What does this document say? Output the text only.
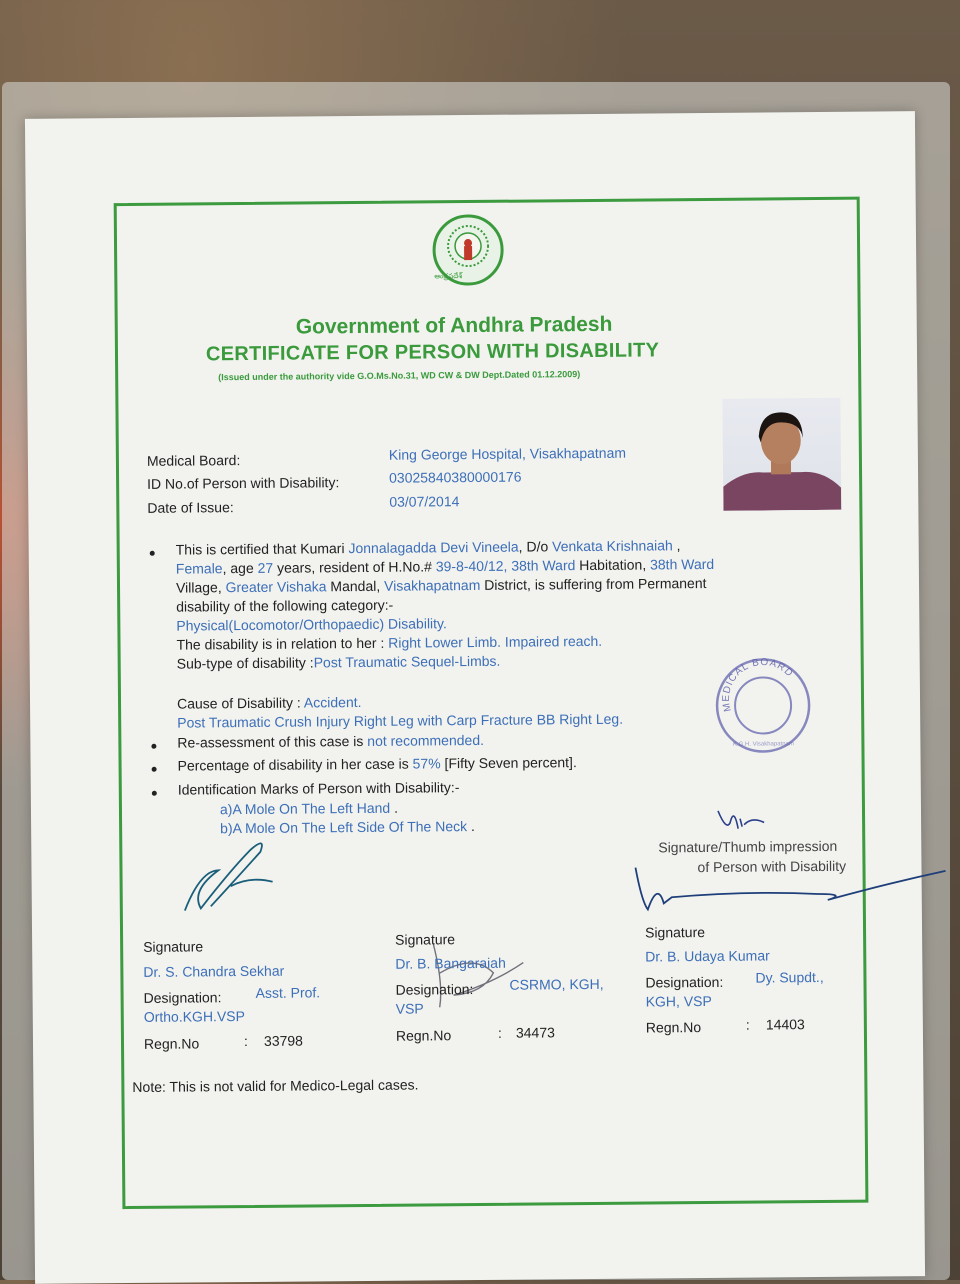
ఆంధ్రప్రదేశ్
Government of Andhra Pradesh
CERTIFICATE FOR PERSON WITH DISABILITY
(Issued under the authority vide G.O.Ms.No.31, WD CW & DW Dept.Dated 01.12.2009)
Medical Board:	King George Hospital, Visakhapatnam
ID No.of Person with Disability:	03025840380000176
Date of Issue:	03/07/2014
This is certified that Kumari Jonnalagadda Devi Vineela, D/o Venkata Krishnaiah ,
Female, age 27 years, resident of H.No.# 39-8-40/12, 38th Ward Habitation, 38th Ward
Village, Greater Vishaka Mandal, Visakhapatnam District, is suffering from Permanent
disability of the following category:-
Physical(Locomotor/Orthopaedic) Disability.
The disability is in relation to her : Right Lower Limb. Impaired reach.
Sub-type of disability :Post Traumatic Sequel-Limbs.
Cause of Disability : Accident.
Post Traumatic Crush Injury Right Leg with Carp Fracture BB Right Leg.
Re-assessment of this case is not recommended.
Percentage of disability in her case is 57% [Fifty Seven percent].
Identification Marks of Person with Disability:-
a)A Mole On The Left Hand .
b)A Mole On The Left Side Of The Neck .
MEDICAL BOARD
K.G.H. Visakhapatnam
Signature/Thumb impression
of Person with Disability
Signature
Dr. S. Chandra Sekhar
Designation: Asst. Prof.
Ortho.KGH.VSP
Regn.No	: 33798
Signature
Dr. B. Bangaraiah
Designation:	CSRMO, KGH,
VSP
Regn.No	: 34473
Signature
Dr. B. Udaya Kumar
Designation: Dy. Supdt.,
KGH, VSP
Regn.No	: 14403
Note: This is not valid for Medico-Legal cases.
